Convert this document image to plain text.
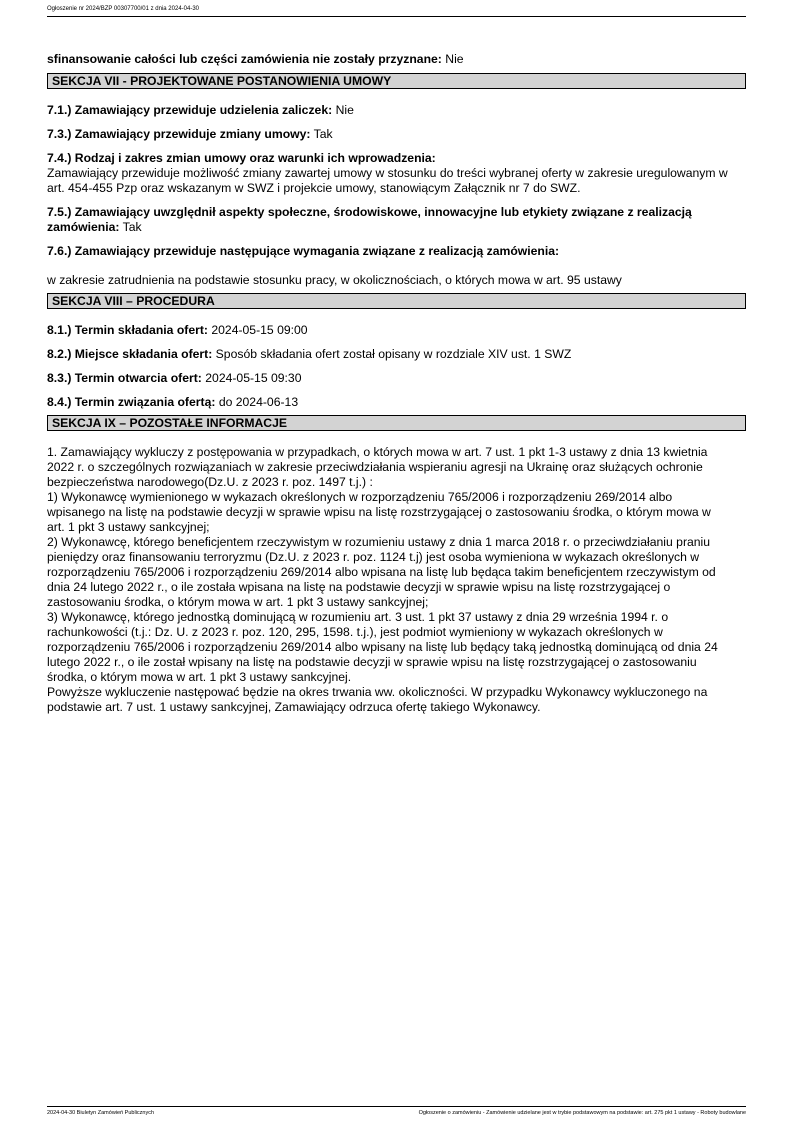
Ogłoszenie nr 2024/BZP 00307700/01 z dnia 2024-04-30

sfinansowanie całości lub części zamówienia nie zostały przyznane: Nie

SEKCJA VII - PROJEKTOWANE POSTANOWIENIA UMOWY

7.1.) Zamawiający przewiduje udzielenia zaliczek: Nie

7.3.) Zamawiający przewiduje zmiany umowy: Tak

7.4.) Rodzaj i zakres zmian umowy oraz warunki ich wprowadzenia:
Zamawiający przewiduje możliwość zmiany zawartej umowy w stosunku do treści wybranej oferty w zakresie uregulowanym w art. 454-455 Pzp oraz wskazanym w SWZ i projekcie umowy, stanowiącym Załącznik nr 7 do SWZ.

7.5.) Zamawiający uwzględnił aspekty społeczne, środowiskowe, innowacyjne lub etykiety związane z realizacją zamówienia: Tak

7.6.) Zamawiający przewiduje następujące wymagania związane z realizacją zamówienia:

w zakresie zatrudnienia na podstawie stosunku pracy, w okolicznościach, o których mowa w art. 95 ustawy

SEKCJA VIII – PROCEDURA

8.1.) Termin składania ofert: 2024-05-15 09:00

8.2.) Miejsce składania ofert: Sposób składania ofert został opisany w rozdziale XIV ust. 1 SWZ

8.3.) Termin otwarcia ofert: 2024-05-15 09:30

8.4.) Termin związania ofertą: do 2024-06-13

SEKCJA IX – POZOSTAŁE INFORMACJE
1. Zamawiający wykluczy z postępowania w przypadkach, o których mowa w art. 7 ust. 1 pkt 1-3 ustawy z dnia 13 kwietnia
2022 r. o szczególnych rozwiązaniach w zakresie przeciwdziałania wspieraniu agresji na Ukrainę oraz służących ochronie
bezpieczeństwa narodowego(Dz.U. z 2023 r. poz. 1497 t.j.) :
1) Wykonawcę wymienionego w wykazach określonych w rozporządzeniu 765/2006 i rozporządzeniu 269/2014 albo
wpisanego na listę na podstawie decyzji w sprawie wpisu na listę rozstrzygającej o zastosowaniu środka, o którym mowa w
art. 1 pkt 3 ustawy sankcyjnej;
2) Wykonawcę, którego beneficjentem rzeczywistym w rozumieniu ustawy z dnia 1 marca 2018 r. o przeciwdziałaniu praniu
pieniędzy oraz finansowaniu terroryzmu (Dz.U. z 2023 r. poz. 1124 t.j) jest osoba wymieniona w wykazach określonych w
rozporządzeniu 765/2006 i rozporządzeniu 269/2014 albo wpisana na listę lub będąca takim beneficjentem rzeczywistym od
dnia 24 lutego 2022 r., o ile została wpisana na listę na podstawie decyzji w sprawie wpisu na listę rozstrzygającej o
zastosowaniu środka, o którym mowa w art. 1 pkt 3 ustawy sankcyjnej;
3) Wykonawcę, którego jednostką dominującą w rozumieniu art. 3 ust. 1 pkt 37 ustawy z dnia 29 września 1994 r. o
rachunkowości (t.j.: Dz. U. z 2023 r. poz. 120, 295, 1598. t.j.), jest podmiot wymieniony w wykazach określonych w
rozporządzeniu 765/2006 i rozporządzeniu 269/2014 albo wpisany na listę lub będący taką jednostką dominującą od dnia 24
lutego 2022 r., o ile został wpisany na listę na podstawie decyzji w sprawie wpisu na listę rozstrzygającej o zastosowaniu
środka, o którym mowa w art. 1 pkt 3 ustawy sankcyjnej.
Powyższe wykluczenie następować będzie na okres trwania ww. okoliczności. W przypadku Wykonawcy wykluczonego na
podstawie art. 7 ust. 1 ustawy sankcyjnej, Zamawiający odrzuca ofertę takiego Wykonawcy.
2024-04-30 Biuletyn Zamówień Publicznych	Ogłoszenie o zamówieniu - Zamówienie udzielane jest w trybie podstawowym na podstawie: art. 275 pkt 1 ustawy - Roboty budowlane
